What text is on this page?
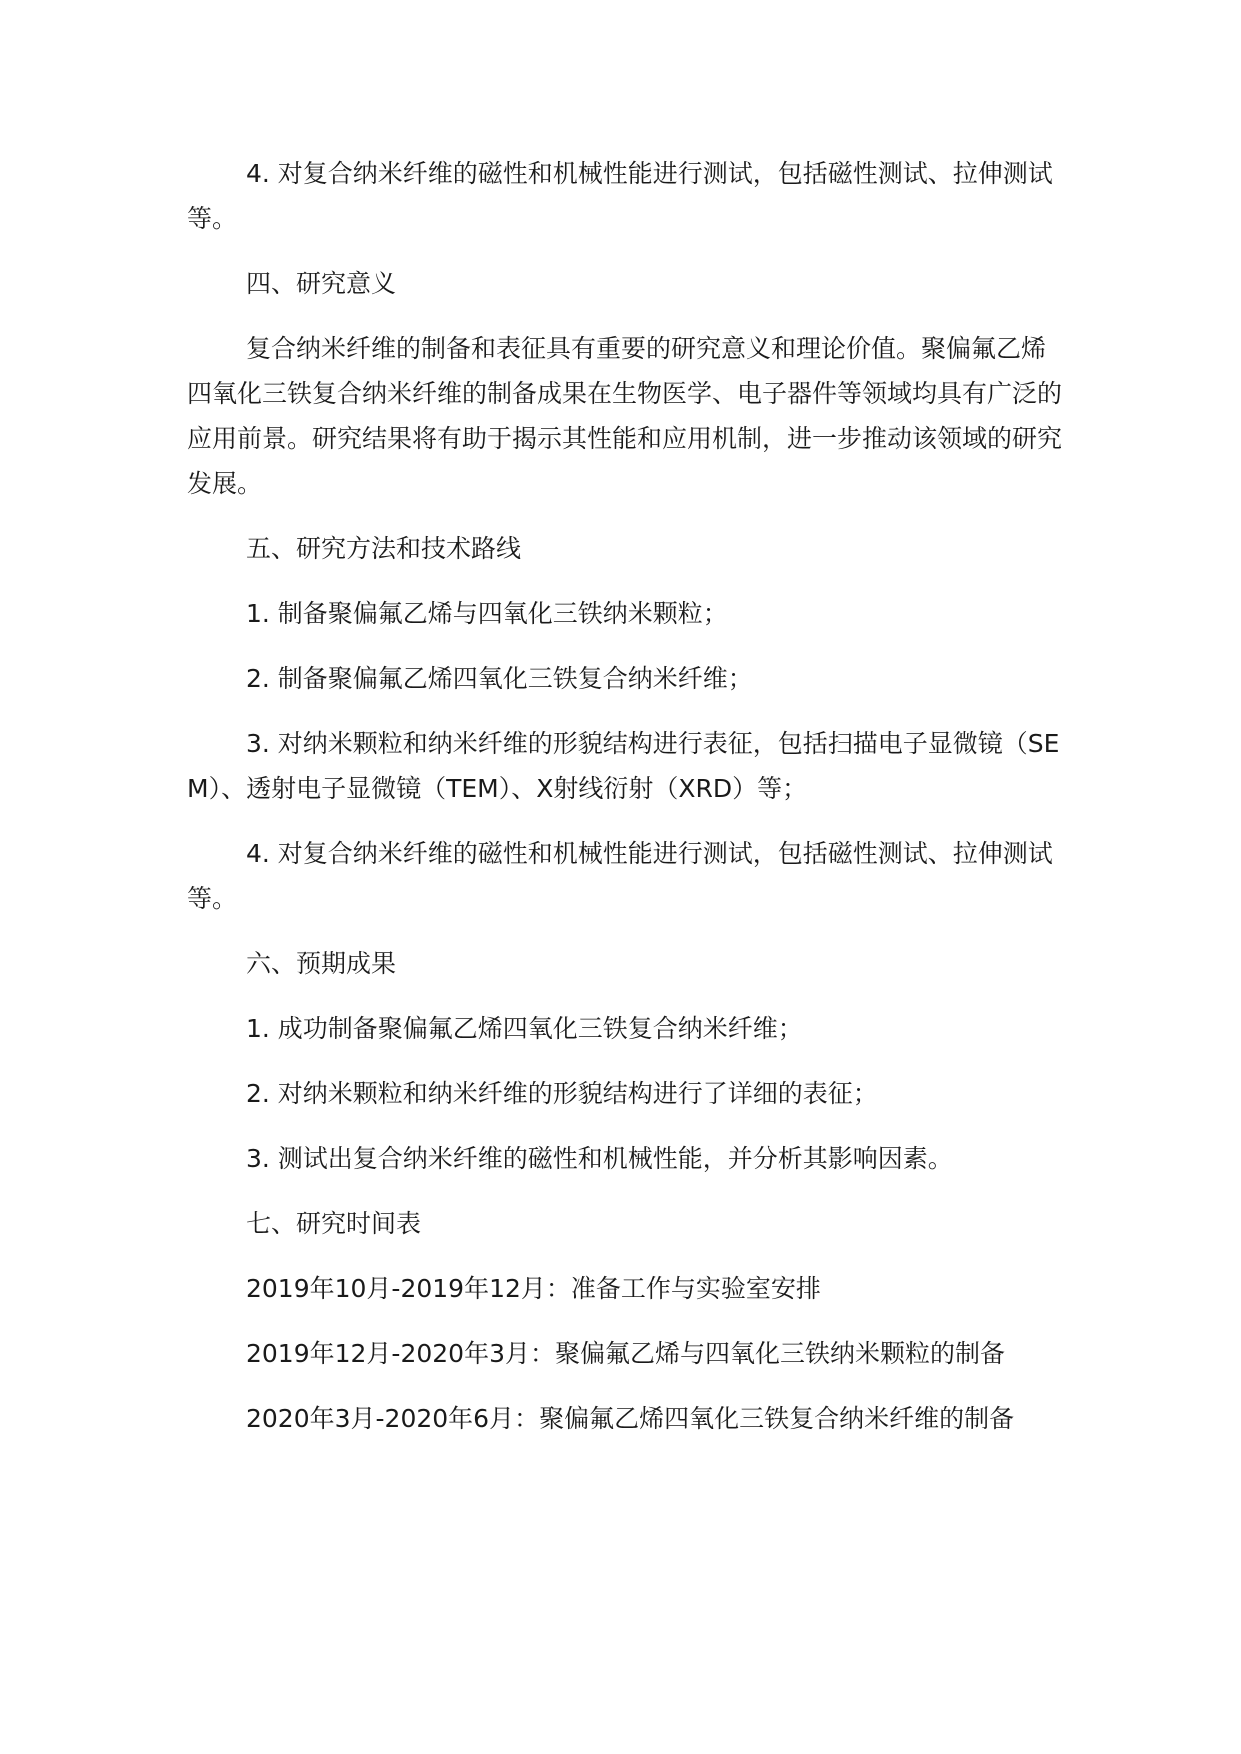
4. 对复合纳米纤维的磁性和机械性能进行测试，包括磁性测试、拉伸测试等。

四、研究意义

复合纳米纤维的制备和表征具有重要的研究意义和理论价值。聚偏氟乙烯四氧化三铁复合纳米纤维的制备成果在生物医学、电子器件等领域均具有广泛的应用前景。研究结果将有助于揭示其性能和应用机制，进一步推动该领域的研究发展。

五、研究方法和技术路线

1. 制备聚偏氟乙烯与四氧化三铁纳米颗粒；

2. 制备聚偏氟乙烯四氧化三铁复合纳米纤维；

3. 对纳米颗粒和纳米纤维的形貌结构进行表征，包括扫描电子显微镜（SEM）、透射电子显微镜（TEM）、X射线衍射（XRD）等；

4. 对复合纳米纤维的磁性和机械性能进行测试，包括磁性测试、拉伸测试等。

六、预期成果

1. 成功制备聚偏氟乙烯四氧化三铁复合纳米纤维；

2. 对纳米颗粒和纳米纤维的形貌结构进行了详细的表征；

3. 测试出复合纳米纤维的磁性和机械性能，并分析其影响因素。

七、研究时间表

2019年10月-2019年12月：准备工作与实验室安排

2019年12月-2020年3月：聚偏氟乙烯与四氧化三铁纳米颗粒的制备

2020年3月-2020年6月：聚偏氟乙烯四氧化三铁复合纳米纤维的制备
